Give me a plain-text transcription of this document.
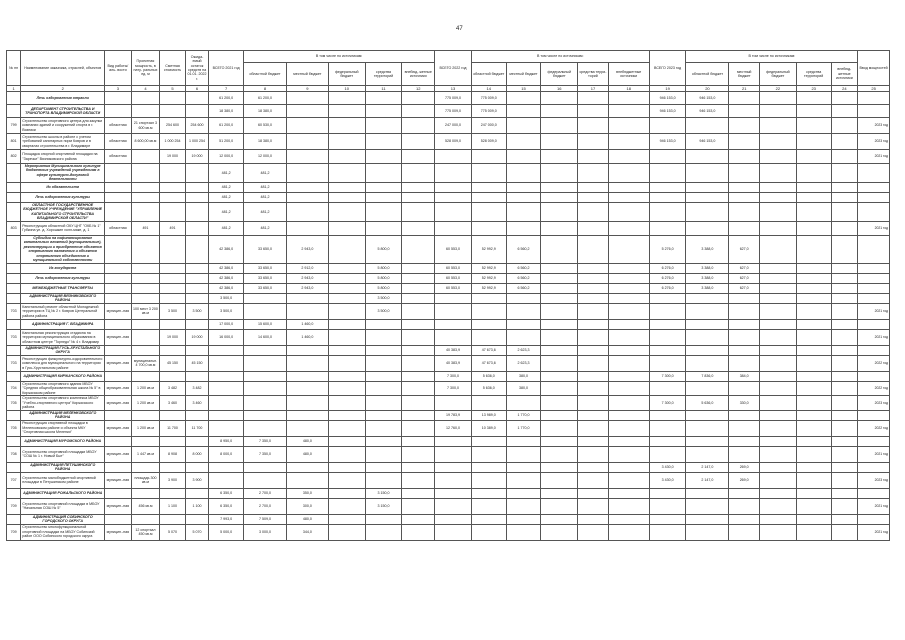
47
№ пп	Наименование заказчика, отраслей, объектов	Вид работы/аль- вости	Проектная мощность, в нату- ральных ед. м	Сметная стоимость	Ожида- емый остаток средств на 01.01. 2022 г.	ВСЕГО 2021 год	В том числе по источникам:					ВСЕГО 2022 год	В том числе по источникам:					ВСЕГО 2023 год	В том числе по источникам:					Ввод мощностей
							областной бюджет	местный бюджет	федеральный бюджет	средства территорий	внебюд- жетные источники		областной бюджет	местный бюджет	федеральный бюджет	средства терри- торий	внебюджетные источники		областной бюджет	местный бюджет	федеральный бюджет	средства территорий	внебюд- жетные источники	
1	2	3	4	5	6	7	8	9	10	11	12	13	14	15	16	17	18	19	20	21	22	23	24	25
	Лечь оздоровления отрасли					61 200,0	61 200,0					775 009,0	775 009,0					946 153,0	946 153,0					
	ДЕПАРТАМЕНТ СТРОИТЕЛЬСТВА И ТРАНСПОРТА ВЛАДИМИРСКОЙ ОБЛАСТИ					18 380,0	18 380,0					775 009,0	775 009,0					946 153,0	946 153,0					
799	Строительство спортивного центра для закупки компании зданий и сооружений спорта в г. Вязники	областная	21 спортзал 3 600 кв.м	254 600	254 600	61 200,0	60 530,0					247 000,0	247 000,0											2023 год
801	Строительство школы в районе с учетом требований санитарных норм Ковров и в кварталах строительства в г. Владимире	областная	8 600,00 кв.м	1 000 254	1 000 254	51 200,0	18 380,0					528 009,0	528 009,0					946 153,0	946 153,0					2023 год
802	Площадка опорной спортивной площадки на "Заречье" Вязниковского района	областная		19 000	19 000	12 000,0	12 000,0																	2021 год
	Мероприятия Муниципального культуре бюджетных учреждений учреждениям в сфере культурно-досуговой деятельности					481,2	481,2																	
	Из обязательств					481,2	481,2																	
	Лечь оздоровления культуры					481,2	481,2																	
	ОБЛАСТНОЕ ГОСУДАРСТВЕННОЕ БЮДЖЕТНОЕ УЧРЕЖДЕНИЕ "УПРАВЛЕНИЕ КАПИТАЛЬНОГО СТРОИТЕЛЬСТВА ВЛАДИМИРСКОЙ ОБЛАСТИ"					481,2	481,2																	
803	Реконструкция областной ОКУ ЦНТ "ОКБ № 1" Губкина ул. д. Хорошкин холл-маке, д. 1	областная	491	491		481,2	481,2																	2021 год
	Субсидии на софинансирование капитальных вложений (муниципальные), реконструкции и приобретение объектов спортивного назначения и объектов спортивного объединения и муниципальной собственности					42 386,0	33 650,0	2 943,0		5 800,0		60 553,0	52 992,9	6 560,2				5 276,0	3 388,0	627,0				
	Из государств					42 386,0	33 650,0	2 912,0		5 800,0		60 553,0	52 992,9	6 560,2				6 276,0	3 388,0	627,0				
	Лечь оздоровления культуры					42 386,0	33 650,0	2 943,0		5 800,0		60 553,0	52 992,9	6 560,2				6 276,0	3 388,0	627,0				
	МЕЖБЮДЖЕТНЫЕ ТРАНСФЕРТЫ					42 386,0	33 650,0	2 943,0		5 800,0		60 553,0	52 992,9	6 560,2				6 276,0	3 388,0	627,0				
	АДМИНИСТРАЦИЯ ВЯЗНИКОВСКОГО РАЙОНА					3 500,0				3 500,0														
703	Капитальный ремонт областной Молодежной территории в ТЦ № 2 г. Ковров Центральной района района	муницип.-ная	100 мест 3 200 кв.м	3 500	3 500	3 500,0				3 500,0														2021 год
	АДМИНИСТРАЦИЯ Г. ВЛАДИМИРА					17 000,0	15 600,0	1 460,0																
703	Капитальная реконструкция стадиона на территории муниципального образования в областном центре "Торпедо" № 4 г. Владимир	муницип.-ная		19 000	19 000	16 000,0	14 600,0	1 460,0																2021 год
	АДМИНИСТРАЦИЯ ГУСЬ-ХРУСТАЛЬНОГО ОКРУГА											40 383,9	47 673,6	2 623,3										
703	Реконструкция физкультурно-оздоровительного комплекса для муниципального на территории в Гусь-Хрустальном районе	муницип.-ная	муниципальн. 4 700,0 кв.м	45 150	45 150							40 383,9	47 673,6	2 623,3										2022 год
	АДМИНИСТРАЦИЯ КИРЖАЧСКОГО РАЙОНА											7 300,0	5 636,0	380,0				7 300,0	7 836,0	384,0				
704	Строительство спортивного здания МБОУ "Средняя общеобразовательная школа № 5" в Киржачском районе	муницип.-ная	1 200 кв.м	3 482	3 482							7 300,0	5 636,0	380,0										2022 год
705	Строительство спортивного комплекса МБОУ "Учебно-спортивного центра" Киржачского района	муницип.-ная	1 200 кв.м	3 460	3 460													7 300,0	5 636,0	330,0				2023 год
	АДМИНИСТРАЦИЯ МЕЛЕНКОВСКОГО РАЙОНА											19 783,9	13 989,0	1 770,0										
705	Реконструкция спортивной площадки в Меленковском районе и объекта МКУ "Спортивная школа Меленки"	муницип.-ная	1 200 кв.м	11 700	11 700							12 760,0	10 389,0	1 770,0										2022 год
	АДМИНИСТРАЦИЯ МУРОМСКОГО РАЙОНА					8 950,0	7 350,0	480,0																
708	Строительство спортивной площадки МБОУ "СОШ № 1 г. Новый Быт"	муницип.-ная	1 447 кв.м	8 908	8 000	8 000,0	7 350,0	480,0																2021 год
	АДМИНИСТРАЦИЯ ПЕТУШИНСКОГО РАЙОНА																	3 430,0	2 147,0	269,0				
707	Строительство малобюджетной спортивной площадки в Петушинском районе	муницип.-ная	площадь 300 кв.м	3 900	3 900													3 430,0	2 147,0	269,0				2023 год
	АДМИНИСТРАЦИЯ РОЖАЛЬСКОГО РАЙОНА					6 350,0	2 700,0	350,0		3 150,0														
709	Строительство спортивной площадки в МБОУ "Начальная СОШ № 5"	муницип.-ная	456 кв.м	1 100	1 100	6 350,0	2 700,0	300,0		3 150,0														2021 год
	АДМИНИСТРАЦИЯ СОБИНСКОГО ГОРОДСКОГО ОКРУГА					7 993,0	7 509,0	480,0																
709	Строительство многофункциональной спортивной площадки на МБОУ Собинский район ООО Собинского городского округа	муницип.-ная	12 спортзал 450 кв.м	5 070	5 070	5 000,0	3 000,0	344,0																2021 год
